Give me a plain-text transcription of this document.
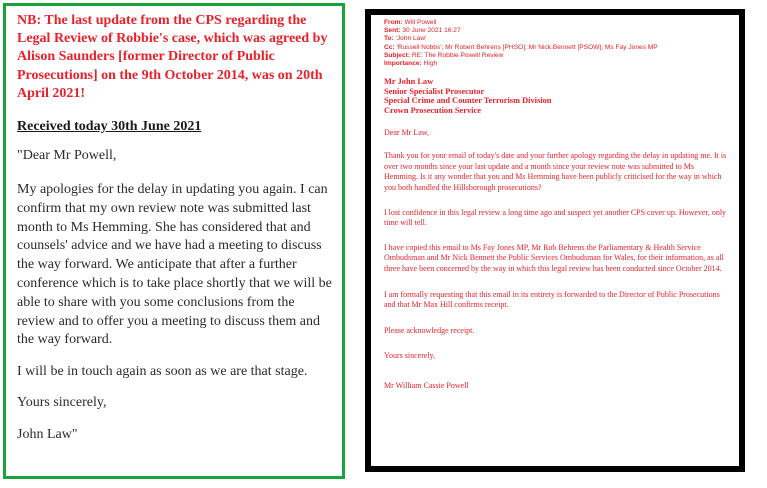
NB: The last update from the CPS regarding the Legal Review of Robbie's case, which was agreed by Alison Saunders [former Director of Public Prosecutions] on the 9th October 2014, was on 20th April 2021!

Received today 30th June 2021

"Dear Mr Powell,

My apologies for the delay in updating you again. I can confirm that my own review note was submitted last month to Ms Hemming. She has considered that and counsels' advice and we have had a meeting to discuss the way forward. We anticipate that after a further conference which is to take place shortly that we will be able to share with you some conclusions from the review and to offer you a meeting to discuss them and the way forward.

I will be in touch again as soon as we are that stage.

Yours sincerely,

John Law"

From: Will Powell
Sent: 30 June 2021 16:27
To: 'John Law'
Cc: 'Russell Nobbs'; Mr Robert Behrens [PHSO]; Mr Nick Bennett [PSOW]; Ms Fay Jones MP
Subject: RE: The Robbie Powell Review
Importance: High
Mr John Law
Senior Specialist Prosecutor
Special Crime and Counter Terrorism Division
Crown Prosecution Service

Dear Mr Law,

Thank you for your email of today's date and your further apology regarding the delay in updating me. It is over two months since your last update and a month since your review note was submitted to Ms Hemming. Is it any wonder that you and Ms Hemming have been publicly criticised for the way in which you both handled the Hillsborough prosecutions?

I lost confidence in this legal review a long time ago and suspect yet another CPS cover up. However, only time will tell.

I have copied this email to Ms Fay Jones MP, Mr Rob Behrens the Parliamentary & Health Service Ombudsman and Mr Nick Bennett the Public Services Ombudsman for Wales, for their information, as all three have been concerned by the way in which this legal review has been conducted since October 2014.

I am formally requesting that this email in its entirety is forwarded to the Director of Public Prosecutions and that Mr Max Hill confirms receipt.

Please acknowledge receipt.

Yours sincerely,

Mr William Cassie Powell
